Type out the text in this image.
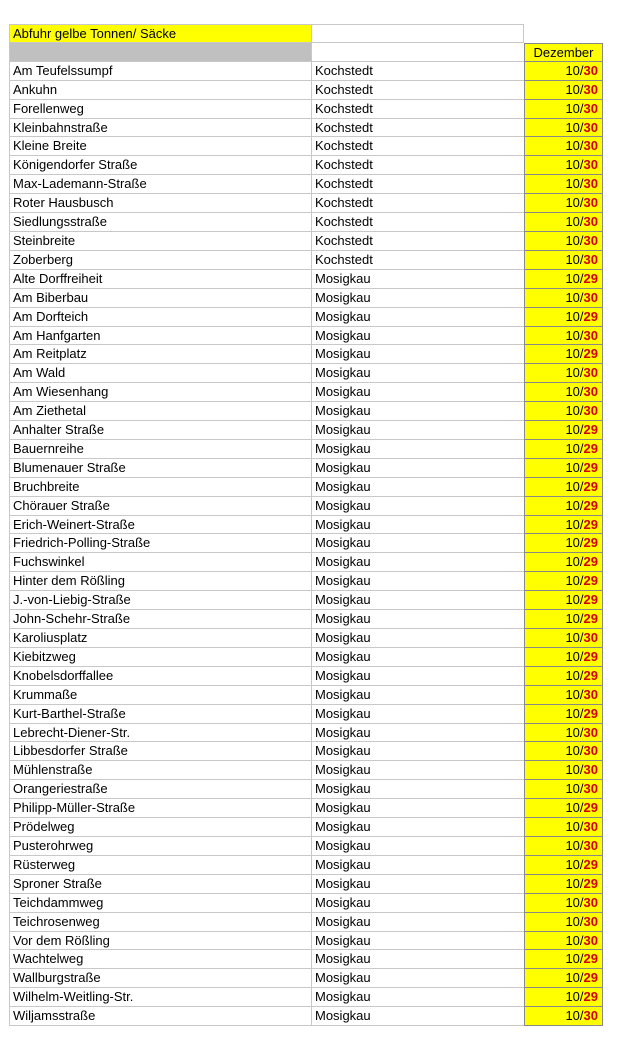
Abfuhr gelbe Tonnen/ Säcke
Dezember
Am Teufelssumpf	Kochstedt	10/30
Ankuhn	Kochstedt	10/30
Forellenweg	Kochstedt	10/30
Kleinbahnstraße	Kochstedt	10/30
Kleine Breite	Kochstedt	10/30
Königendorfer Straße	Kochstedt	10/30
Max-Lademann-Straße	Kochstedt	10/30
Roter Hausbusch	Kochstedt	10/30
Siedlungsstraße	Kochstedt	10/30
Steinbreite	Kochstedt	10/30
Zoberberg	Kochstedt	10/30
Alte Dorffreiheit	Mosigkau	10/29
Am Biberbau	Mosigkau	10/30
Am Dorfteich	Mosigkau	10/29
Am Hanfgarten	Mosigkau	10/30
Am Reitplatz	Mosigkau	10/29
Am Wald	Mosigkau	10/30
Am Wiesenhang	Mosigkau	10/30
Am Ziethetal	Mosigkau	10/30
Anhalter Straße	Mosigkau	10/29
Bauernreihe	Mosigkau	10/29
Blumenauer Straße	Mosigkau	10/29
Bruchbreite	Mosigkau	10/29
Chörauer Straße	Mosigkau	10/29
Erich-Weinert-Straße	Mosigkau	10/29
Friedrich-Polling-Straße	Mosigkau	10/29
Fuchswinkel	Mosigkau	10/29
Hinter dem Rößling	Mosigkau	10/29
J.-von-Liebig-Straße	Mosigkau	10/29
John-Schehr-Straße	Mosigkau	10/29
Karoliusplatz	Mosigkau	10/30
Kiebitzweg	Mosigkau	10/29
Knobelsdorffallee	Mosigkau	10/29
Krummaße	Mosigkau	10/30
Kurt-Barthel-Straße	Mosigkau	10/29
Lebrecht-Diener-Str.	Mosigkau	10/30
Libbesdorfer Straße	Mosigkau	10/30
Mühlenstraße	Mosigkau	10/30
Orangeriestraße	Mosigkau	10/30
Philipp-Müller-Straße	Mosigkau	10/29
Prödelweg	Mosigkau	10/30
Pusterohrweg	Mosigkau	10/30
Rüsterweg	Mosigkau	10/29
Sproner Straße	Mosigkau	10/29
Teichdammweg	Mosigkau	10/30
Teichrosenweg	Mosigkau	10/30
Vor dem Rößling	Mosigkau	10/30
Wachtelweg	Mosigkau	10/29
Wallburgstraße	Mosigkau	10/29
Wilhelm-Weitling-Str.	Mosigkau	10/29
Wiljamsstraße	Mosigkau	10/30
